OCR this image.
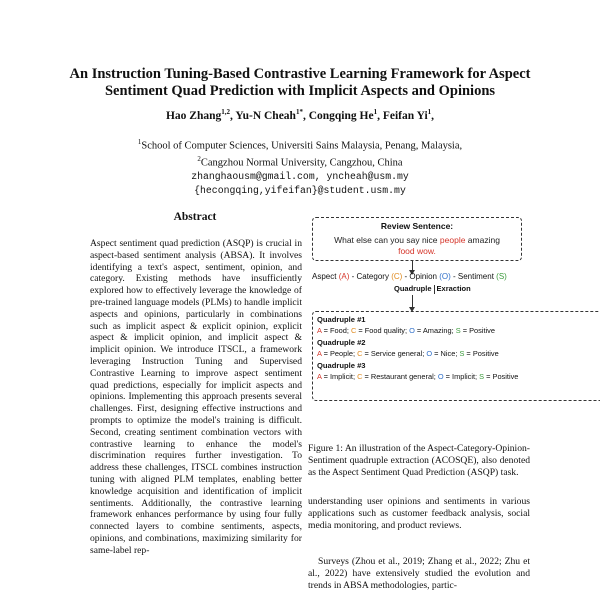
An Instruction Tuning-Based Contrastive Learning Framework for Aspect
Sentiment Quad Prediction with Implicit Aspects and Opinions
Hao Zhang$^{1,2}$, Yu-N Cheah$^{1*}$, Congqing He$^1$, Feifan Yi$^1$,
$^1$School of Computer Sciences, Universiti Sains Malaysia, Penang, Malaysia,
$^2$Cangzhou Normal University, Cangzhou, China
zhanghaousm@gmail.com, yncheah@usm.my
{hecongqing,yifeifan}@student.usm.my
Abstract
Aspect sentiment quad prediction (ASQP) is crucial in aspect-based sentiment analysis (ABSA). It involves identifying a text's aspect, sentiment, opinion, and category. Existing methods have insufficiently explored how to effectively leverage the knowledge of pre-trained language models (PLMs) to handle implicit aspects and opinions, particularly in combinations such as implicit aspect & explicit opinion, explicit aspect & implicit opinion, and implicit aspect & implicit opinion. We introduce ITSCL, a framework leveraging Instruction Tuning and Supervised Contrastive Learning to improve aspect sentiment quad predictions, especially for implicit aspects and opinions. Implementing this approach presents several challenges. First, designing effective instructions and prompts to optimize the model's training is difficult. Second, creating sentiment combination vectors with contrastive learning to enhance the model's discrimination requires further investigation. To address these challenges, ITSCL combines instruction tuning with aligned PLM templates, enabling better knowledge acquisition and identification of implicit sentiments. Additionally, the contrastive learning framework enhances performance by using four fully connected layers to combine sentiments, aspects, opinions, and combinations, maximizing similarity for same-label rep-
Review Sentence:
What else can you say nice people amazing
food wow.
Aspect (A) - Category (C) - Opinion (O) - Sentiment (S)
Quadruple Exraction
Quadruple #1
A = Food; C = Food quality; O = Amazing; S = Positive
Quadruple #2
A = People; C = Service general; O = Nice; S = Positive
Quadruple #3
A = Implicit; C = Restaurant general; O = Implicit; S = Positive
Figure 1: An illustration of the Aspect-Category-Opinion-Sentiment quadruple extraction (ACOSQE), also denoted as the Aspect Sentiment Quad Prediction (ASQP) task.
understanding user opinions and sentiments in various applications such as customer feedback analysis, social media monitoring, and product reviews.
Surveys (Zhou et al., 2019; Zhang et al., 2022; Zhu et al., 2022) have extensively studied the evolution and trends in ABSA methodologies, partic-
